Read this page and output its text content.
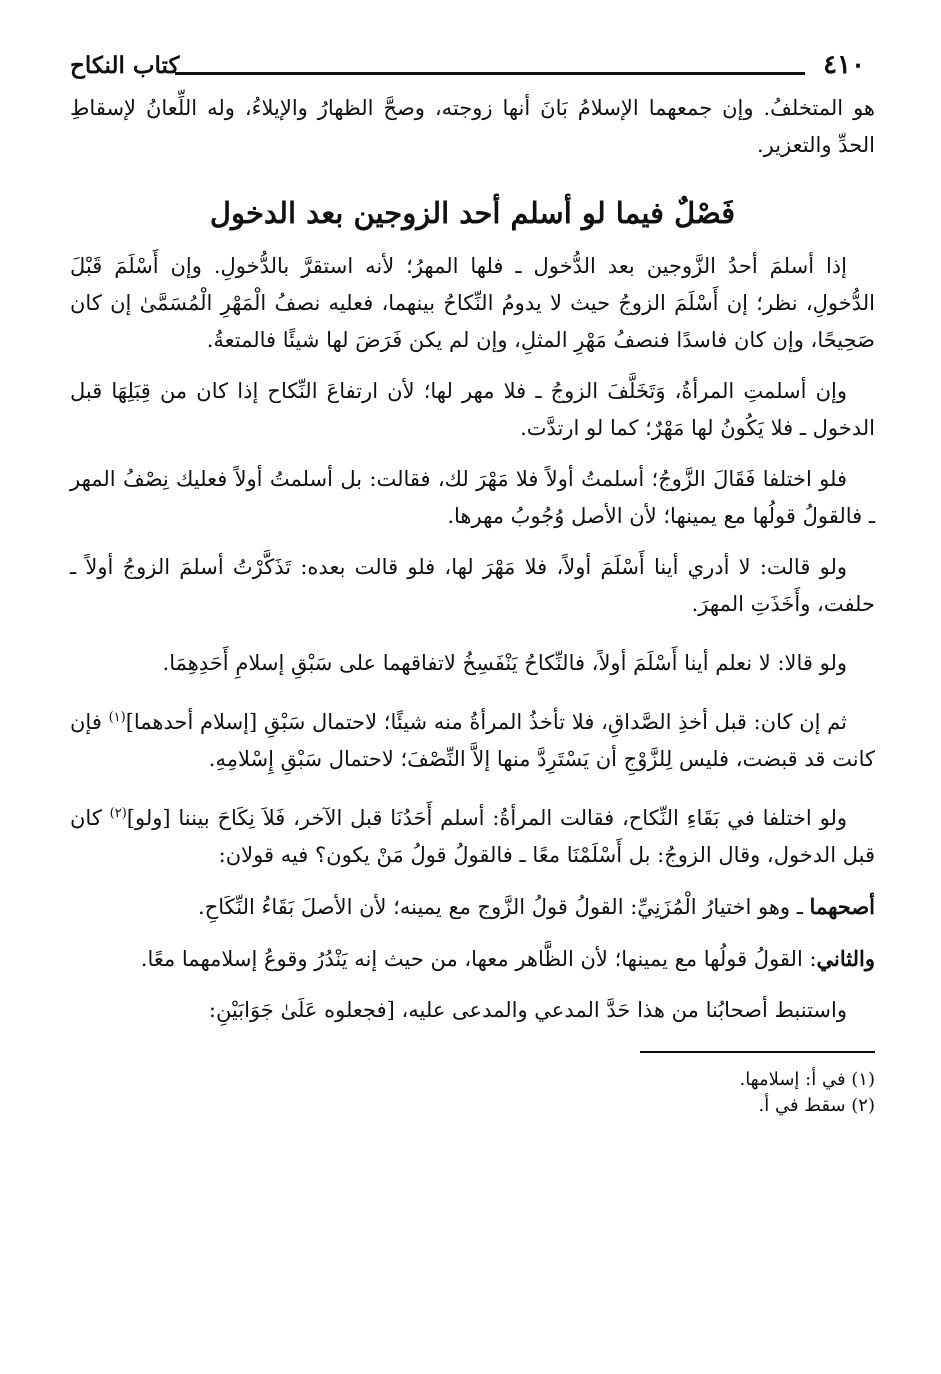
٤١٠
كتاب النكاح

هو المتخلفُ. وإن جمعهما الإسلامُ بَانَ أنها زوجته، وصحَّ الظهارُ والإيلاءُ، وله اللِّعانُ لإسقاطِ الحدِّ والتعزير.

فَصْلٌ فيما لو أسلم أحد الزوجين بعد الدخول

إذا أسلمَ أحدُ الزَّوجين بعد الدُّخول ـ فلها المهرُ؛ لأنه استقرَّ بالدُّخولِ. وإن أَسْلَمَ قَبْلَ الدُّخولِ، نظر؛ إن أَسْلَمَ الزوجُ حيث لا يدومُ النِّكاحُ بينهما، فعليه نصفُ الْمَهْرِ الْمُسَمَّىٰ إن كان صَحِيحًا، وإن كان فاسدًا فنصفُ مَهْرِ المثلِ، وإن لم يكن فَرَضَ لها شيئًا فالمتعةُ.

وإن أسلمتِ المرأةُ، وَتَخَلَّفَ الزوجُ ـ فلا مهر لها؛ لأن ارتفاعَ النِّكاح إذا كان من قِبَلِهَا قبل الدخول ـ فلا يَكُونُ لها مَهْرٌ؛ كما لو ارتدَّت.

فلو اختلفا فَقَالَ الزَّوجُ؛ أسلمتُ أولاً فلا مَهْرَ لك، فقالت: بل أسلمتُ أولاً فعليك نِصْفُ المهر ـ فالقولُ قولُها مع يمينها؛ لأن الأصل وُجُوبُ مهرها.

ولو قالت: لا أدري أينا أَسْلَمَ أولاً، فلا مَهْرَ لها، فلو قالت بعده: تَذَكَّرْتُ أسلمَ الزوجُ أولاً ـ حلفت، وأَخَذَتِ المهرَ.

ولو قالا: لا نعلم أينا أَسْلَمَ أولاً، فالنِّكاحُ يَنْفَسِخُ لاتفاقهما على سَبْقِ إسلامِ أَحَدِهِمَا.

ثم إن كان: قبل أخذِ الصَّداقِ، فلا تأخذُ المرأةُ منه شيئًا؛ لاحتمال سَبْقِ [إسلام أحدهما]$^{(١)}$ فإن كانت قد قبضت، فليس لِلزَّوْجِ أن يَسْتَرِدَّ منها إلاَّ النِّصْفَ؛ لاحتمال سَبْقِ إِسْلامِهِ.

ولو اختلفا في بَقَاءِ النِّكاح، فقالت المرأةُ: أسلم أَحَدُنَا قبل الآخر، فَلاَ نِكَاحَ بيننا [ولو]$^{(٢)}$ كان قبل الدخول، وقال الزوجُ: بل أَسْلَمْنَا معًا ـ فالقولُ قولُ مَنْ يكون؟ فيه قولان:

أصحهما ـ وهو اختيارُ الْمُزَنِيِّ: القولُ قولُ الزَّوج مع يمينه؛ لأن الأصلَ بَقَاءُ النِّكَاحِ.

والثاني: القولُ قولُها مع يمينها؛ لأن الظَّاهر معها، من حيث إنه يَنْدُرُ وقوعُ إسلامهما معًا.

واستنبط أصحابُنا من هذا حَدَّ المدعي والمدعى عليه، [فجعلوه عَلَىٰ جَوَابَيْنِ:

(١) في أ: إسلامها.

(٢) سقط في أ.
